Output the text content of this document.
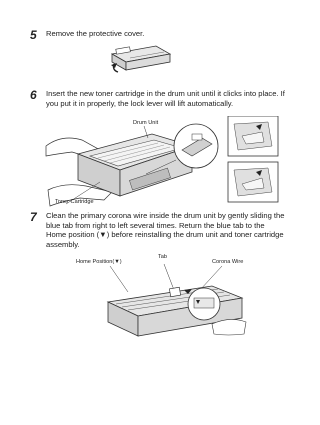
5 Remove the protective cover.
6 Insert the new toner cartridge in the drum unit until it clicks into place. If you put it in properly, the lock lever will lift automatically.
Drum Unit
Toner Cartridge
7 Clean the primary corona wire inside the drum unit by gently sliding the blue tab from right to left several times. Return the blue tab to the Home position (▼) before reinstalling the drum unit and toner cartridge assembly.
Home Position(▼)
Tab
Corona Wire
